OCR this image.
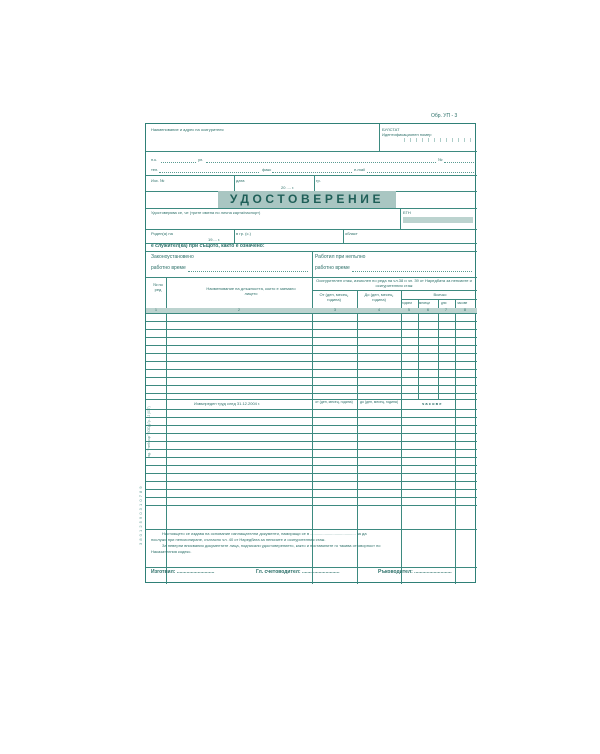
Обр. УП - 3
3 8 0 1 2 5 9 0 3 1 0 7 8 9
изд. "Учебници" ЕООД-Гр. 42 (037)
Наименование и адрес на осигурителя	БУЛСТАТ
Идентификационен номер
п.к.	ул.	№
тел.	факс	e-mail
Изх. №	дата
20 .... г.
гр.
УДОСТОВЕРЕНИЕ
Удостоверява се, че (трите имена по лична карта/паспорт)	ЕГН
Роден(а) на
19.... г.
в гр. (с.)	област
е служител(ка) при същото, както е означено:
Законоустановено
работно време
Работил при непълно
работно време
№ по ред	Наименование на длъжността, които е заемало лицето
Осигурителен стаж, изчислен по реда на чл.38 и чл. 39 от Наредбата за пенсиите и осигурителния стаж
От (ден, месец, година)
До (ден, месец, година)
Всичко
години месеци	дни	часове
1	2	3	4	5	6	7	8
Извънреден труд след 31.12.2004 г.	от (ден, месец, година)	до (ден, месец, година)	ч а с о в е
Настоящето се издава на основание изплащателни документи, намиращи се в ......................................... за да
послужи при пенсиониране, съгласно чл. 40 от Наредбата за пенсиите и осигурителния стаж.
За неверни вписвания документите лица, подписали удостоверението, както и поставилите го такива отговорност по
Наказателния кодекс.
Изготвил: ...........................	Гл. счетоводител: ...........................	Ръководител: ...........................
